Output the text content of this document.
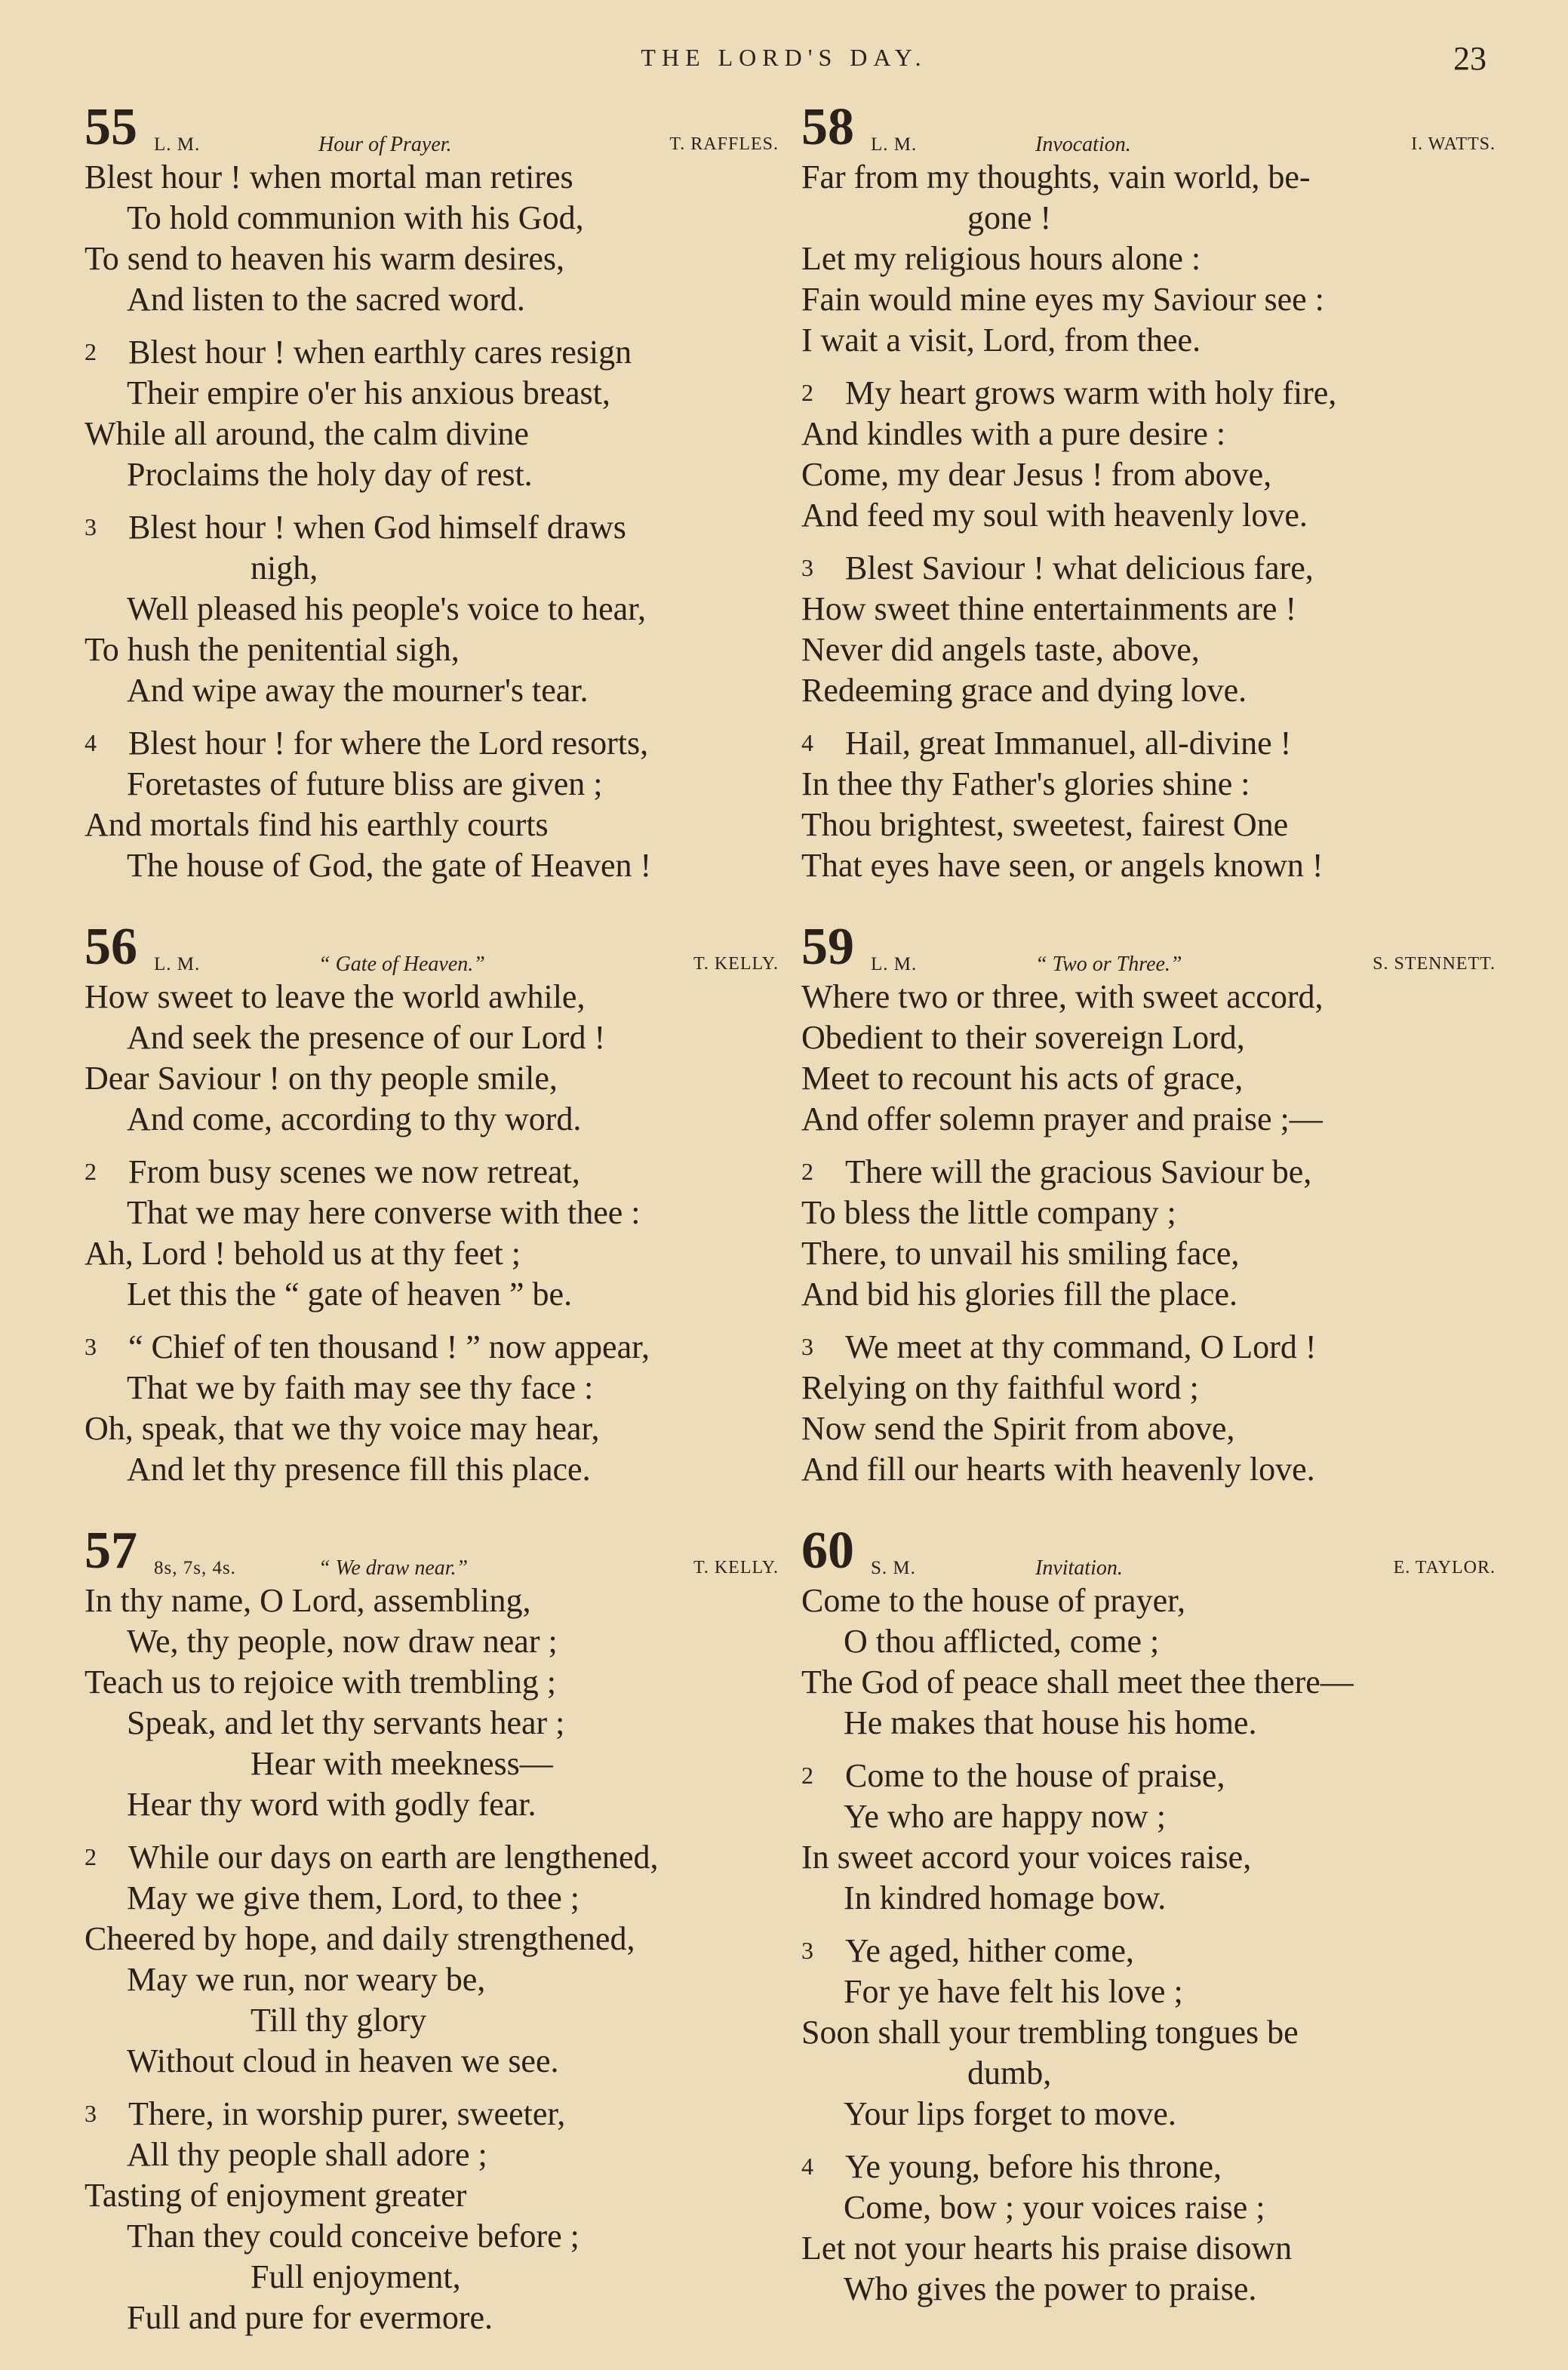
THE LORD'S DAY.	23
55 L. M.	Hour of Prayer.	T. RAFFLES.
Blest hour ! when mortal man retires
To hold communion with his God,
To send to heaven his warm desires,
And listen to the sacred word.
2 Blest hour ! when earthly cares resign
Their empire o'er his anxious breast,
While all around, the calm divine
Proclaims the holy day of rest.
3 Blest hour ! when God himself draws
nigh,
Well pleased his people's voice to hear,
To hush the penitential sigh,
And wipe away the mourner's tear.
4 Blest hour ! for where the Lord resorts,
Foretastes of future bliss are given ;
And mortals find his earthly courts
The house of God, the gate of Heaven !
56 L. M.	“ Gate of Heaven.”	T. KELLY.
How sweet to leave the world awhile,
And seek the presence of our Lord !
Dear Saviour ! on thy people smile,
And come, according to thy word.
2 From busy scenes we now retreat,
That we may here converse with thee :
Ah, Lord ! behold us at thy feet ;
Let this the “ gate of heaven ” be.
3 “ Chief of ten thousand ! ” now appear,
That we by faith may see thy face :
Oh, speak, that we thy voice may hear,
And let thy presence fill this place.
57 8s, 7s, 4s.	“ We draw near.”	T. KELLY.
In thy name, O Lord, assembling,
We, thy people, now draw near ;
Teach us to rejoice with trembling ;
Speak, and let thy servants hear ;
Hear with meekness—
Hear thy word with godly fear.
2 While our days on earth are lengthened,
May we give them, Lord, to thee ;
Cheered by hope, and daily strengthened,
May we run, nor weary be,
Till thy glory
Without cloud in heaven we see.
3 There, in worship purer, sweeter,
All thy people shall adore ;
Tasting of enjoyment greater
Than they could conceive before ;
Full enjoyment,
Full and pure for evermore.
58 L. M.	Invocation.	I. WATTS.
Far from my thoughts, vain world, be-
gone !
Let my religious hours alone :
Fain would mine eyes my Saviour see :
I wait a visit, Lord, from thee.
2 My heart grows warm with holy fire,
And kindles with a pure desire :
Come, my dear Jesus ! from above,
And feed my soul with heavenly love.
3 Blest Saviour ! what delicious fare,
How sweet thine entertainments are !
Never did angels taste, above,
Redeeming grace and dying love.
4 Hail, great Immanuel, all-divine !
In thee thy Father's glories shine :
Thou brightest, sweetest, fairest One
That eyes have seen, or angels known !
59 L. M.	“ Two or Three.”	S. STENNETT.
Where two or three, with sweet accord,
Obedient to their sovereign Lord,
Meet to recount his acts of grace,
And offer solemn prayer and praise ;—
2 There will the gracious Saviour be,
To bless the little company ;
There, to unvail his smiling face,
And bid his glories fill the place.
3 We meet at thy command, O Lord !
Relying on thy faithful word ;
Now send the Spirit from above,
And fill our hearts with heavenly love.
60 S. M.	Invitation.	E. TAYLOR.
Come to the house of prayer,
O thou afflicted, come ;
The God of peace shall meet thee there—
He makes that house his home.
2 Come to the house of praise,
Ye who are happy now ;
In sweet accord your voices raise,
In kindred homage bow.
3 Ye aged, hither come,
For ye have felt his love ;
Soon shall your trembling tongues be
dumb,
Your lips forget to move.
4 Ye young, before his throne,
Come, bow ; your voices raise ;
Let not your hearts his praise disown
Who gives the power to praise.
